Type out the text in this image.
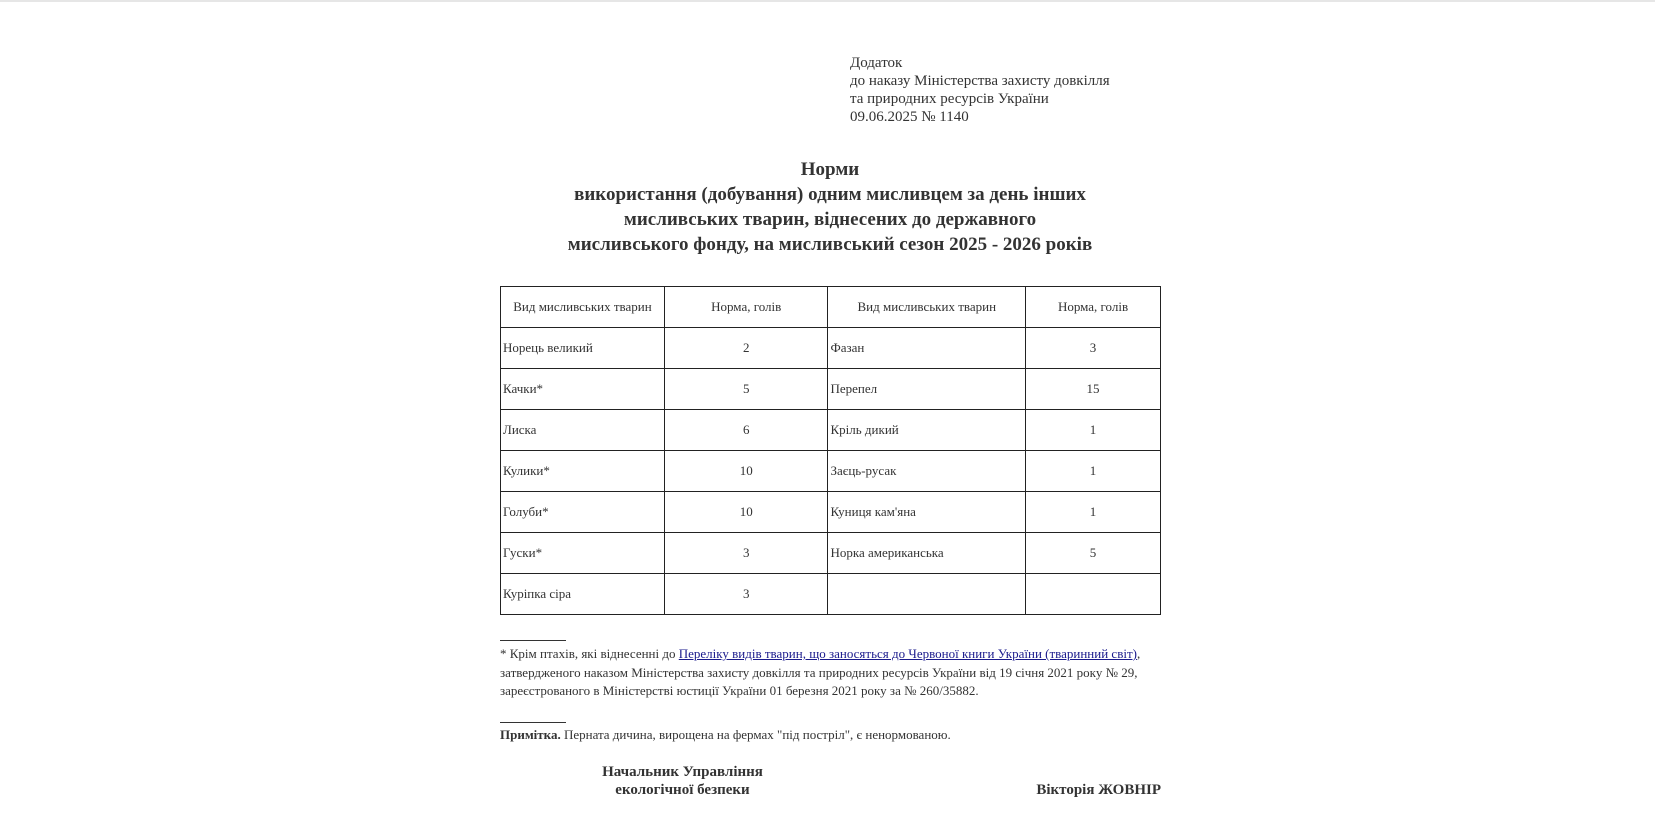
Додаток
до наказу Міністерства захисту довкілля
та природних ресурсів України
09.06.2025 № 1140
Норми
використання (добування) одним мисливцем за день інших
мисливських тварин, віднесених до державного
мисливського фонду, на мисливський сезон 2025 - 2026 років
Вид мисливських тварин	Норма, голів	Вид мисливських тварин	Норма, голів
Норець великий	2	Фазан	3
Качки*	5	Перепел	15
Лиска	6	Кріль дикий	1
Кулики*	10	Заєць-русак	1
Голуби*	10	Куниця кам'яна	1
Гуски*	3	Норка американська	5
Куріпка сіра	3		
* Крім птахів, які віднесенні до Переліку видів тварин, що заносяться до Червоної книги України (тваринний світ), затвердженого наказом Міністерства захисту довкілля та природних ресурсів України від 19 січня 2021 року № 29, зареєстрованого в Міністерстві юстиції України 01 березня 2021 року за № 260/35882.
Примітка. Пернатa дичина, вирощена на фермах "під постріл", є ненормованою.
Начальник Управління
екологічної безпеки	Вікторія ЖОВНІР
